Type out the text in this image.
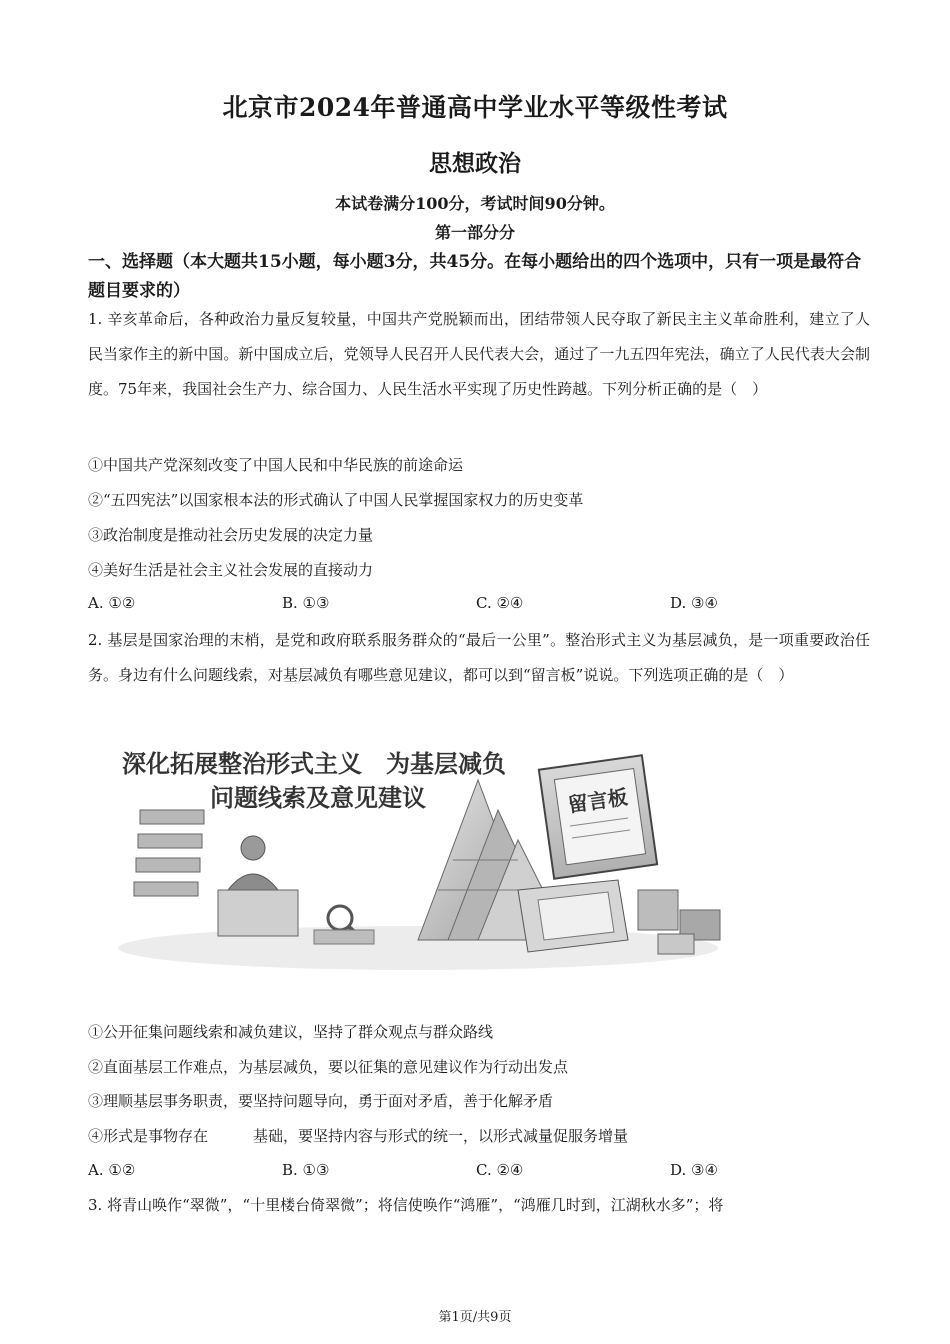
北京市2024年普通高中学业水平等级性考试
思想政治
本试卷满分100分，考试时间90分钟。
第一部分分
一、选择题（本大题共15小题，每小题3分，共45分。在每小题给出的四个选项中，只有一项是最符合题目要求的）
1. 辛亥革命后，各种政治力量反复较量，中国共产党脱颖而出，团结带领人民夺取了新民主主义革命胜利，建立了人民当家作主的新中国。新中国成立后，党领导人民召开人民代表大会，通过了一九五四年宪法，确立了人民代表大会制度。75年来，我国社会生产力、综合国力、人民生活水平实现了历史性跨越。下列分析正确的是（　）
①中国共产党深刻改变了中国人民和中华民族的前途命运
②“五四宪法”以国家根本法的形式确认了中国人民掌握国家权力的历史变革
③政治制度是推动社会历史发展的决定力量
④美好生活是社会主义社会发展的直接动力
A. ①②	B. ①③	C. ②④	D. ③④
2. 基层是国家治理的末梢，是党和政府联系服务群众的“最后一公里”。整治形式主义为基层减负，是一项重要政治任务。身边有什么问题线索，对基层减负有哪些意见建议，都可以到“留言板”说说。下列选项正确的是（　）
留言板
深化拓展整治形式主义　为基层减负
问题线索及意见建议
①公开征集问题线索和减负建议，坚持了群众观点与群众路线
②直面基层工作难点，为基层减负，要以征集的意见建议作为行动出发点
③理顺基层事务职责，要坚持问题导向，勇于面对矛盾，善于化解矛盾
④形式是事物存在　　　基础，要坚持内容与形式的统一，以形式减量促服务增量
A. ①②	B. ①③	C. ②④	D. ③④
3. 将青山唤作“翠微”，“十里楼台倚翠微”；将信使唤作“鸿雁”，“鸿雁几时到，江湖秋水多”；将
第1页/共9页
